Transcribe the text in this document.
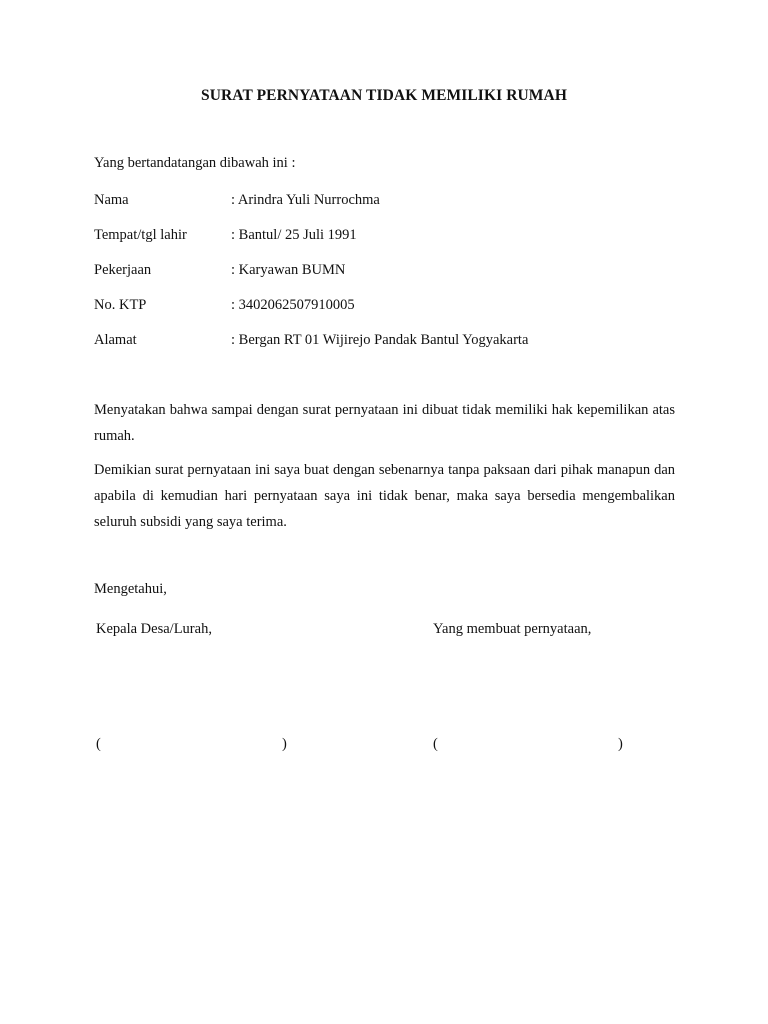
SURAT PERNYATAAN TIDAK MEMILIKI RUMAH
Yang bertandatangan dibawah ini :
Nama	: Arindra Yuli Nurrochma
Tempat/tgl lahir	: Bantul/ 25 Juli 1991
Pekerjaan	: Karyawan BUMN
No. KTP	: 3402062507910005
Alamat	: Bergan RT 01 Wijirejo Pandak Bantul Yogyakarta
Menyatakan bahwa sampai dengan surat pernyataan ini dibuat tidak memiliki hak kepemilikan atas rumah.
Demikian surat pernyataan ini saya buat dengan sebenarnya tanpa paksaan dari pihak manapun dan apabila di kemudian hari pernyataan saya ini tidak benar, maka saya bersedia mengembalikan seluruh subsidi yang saya terima.
Mengetahui,
Kepala Desa/Lurah,	Yang membuat pernyataan,
(	)	(	)
